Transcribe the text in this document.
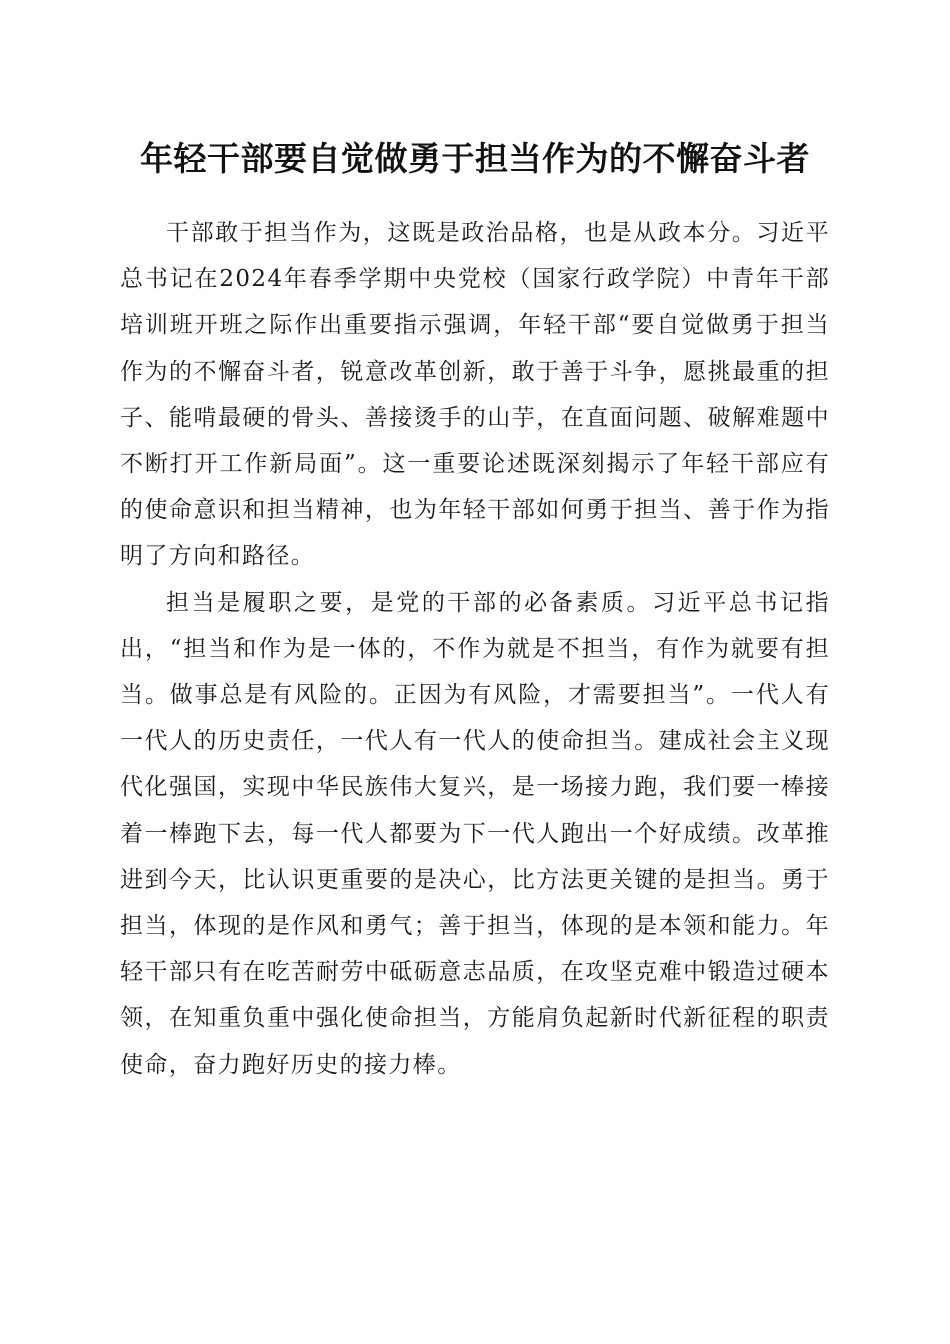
年轻干部要自觉做勇于担当作为的不懈奋斗者

干部敢于担当作为，这既是政治品格，也是从政本分。习近平总书记在2024年春季学期中央党校（国家行政学院）中青年干部培训班开班之际作出重要指示强调，年轻干部“要自觉做勇于担当作为的不懈奋斗者，锐意改革创新，敢于善于斗争，愿挑最重的担子、能啃最硬的骨头、善接烫手的山芋，在直面问题、破解难题中不断打开工作新局面”。这一重要论述既深刻揭示了年轻干部应有的使命意识和担当精神，也为年轻干部如何勇于担当、善于作为指明了方向和路径。

担当是履职之要，是党的干部的必备素质。习近平总书记指出，“担当和作为是一体的，不作为就是不担当，有作为就要有担当。做事总是有风险的。正因为有风险，才需要担当”。一代人有一代人的历史责任，一代人有一代人的使命担当。建成社会主义现代化强国，实现中华民族伟大复兴，是一场接力跑，我们要一棒接着一棒跑下去，每一代人都要为下一代人跑出一个好成绩。改革推进到今天，比认识更重要的是决心，比方法更关键的是担当。勇于担当，体现的是作风和勇气；善于担当，体现的是本领和能力。年轻干部只有在吃苦耐劳中砥砺意志品质，在攻坚克难中锻造过硬本领，在知重负重中强化使命担当，方能肩负起新时代新征程的职责使命，奋力跑好历史的接力棒。
